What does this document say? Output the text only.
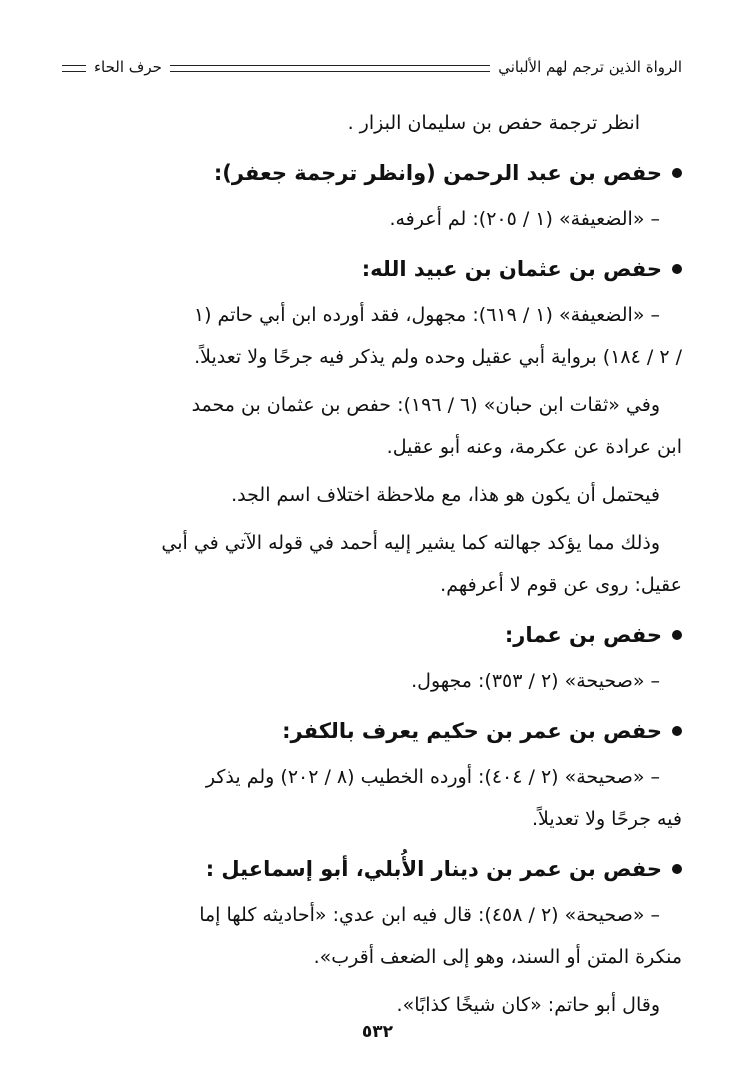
الرواة الذين ترجم لهم الألباني
حرف الحاء

انظر ترجمة حفص بن سليمان البزار .

حفص بن عبد الرحمن (وانظر ترجمة جعفر):

– «الضعيفة» (١ / ٢٠٥): لم أعرفه.

حفص بن عثمان بن عبيد الله:

– «الضعيفة» (١ / ٦١٩): مجهول، فقد أورده ابن أبي حاتم (١

/ ٢ / ١٨٤) برواية أبي عقيل وحده ولم يذكر فيه جرحًا ولا تعديلاً.

وفي «ثقات ابن حبان» (٦ / ١٩٦): حفص بن عثمان بن محمد

ابن عرادة عن عكرمة، وعنه أبو عقيل.

فيحتمل أن يكون هو هذا، مع ملاحظة اختلاف اسم الجد.

وذلك مما يؤكد جهالته كما يشير إليه أحمد في قوله الآتي في أبي

عقيل: روى عن قوم لا أعرفهم.

حفص بن عمار:

– «صحيحة» (٢ / ٣٥٣): مجهول.

حفص بن عمر بن حكيم يعرف بالكفر:

– «صحيحة» (٢ / ٤٠٤): أورده الخطيب (٨ / ٢٠٢) ولم يذكر

فيه جرحًا ولا تعديلاً.

حفص بن عمر بن دينار الأُبلي، أبو إسماعيل :

– «صحيحة» (٢ / ٤٥٨): قال فيه ابن عدي: «أحاديثه كلها إما

منكرة المتن أو السند، وهو إلى الضعف أقرب».

وقال أبو حاتم: «كان شيخًا كذابًا».

٥٣٢
